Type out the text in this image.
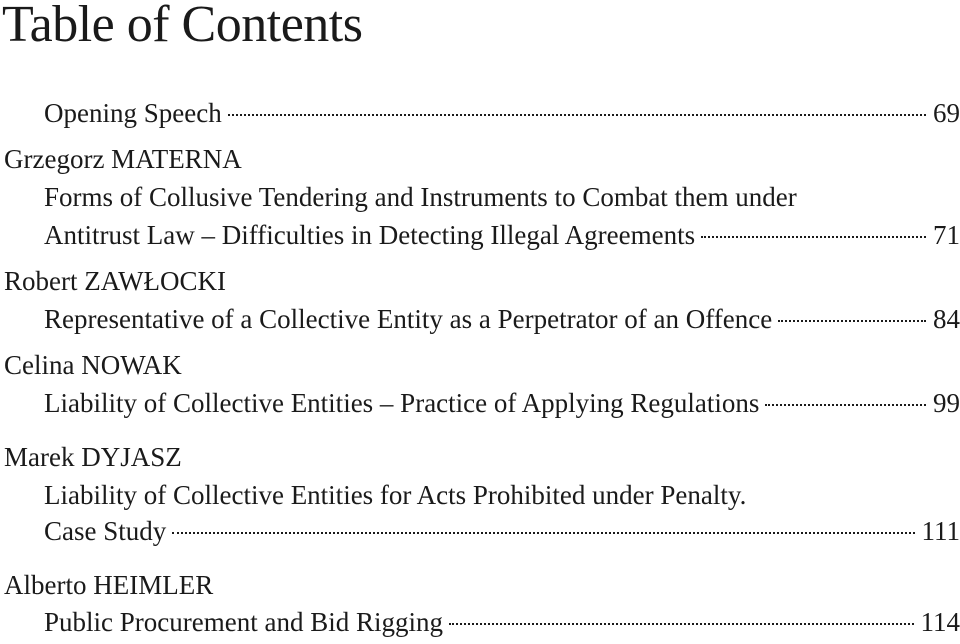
Table of Contents
Opening Speech	69
Grzegorz MATERNA
Forms of Collusive Tendering and Instruments to Combat them under
Antitrust Law – Difficulties in Detecting Illegal Agreements	71
Robert ZAWŁOCKI
Representative of a Collective Entity as a Perpetrator of an Offence	84
Celina NOWAK
Liability of Collective Entities – Practice of Applying Regulations	99
Marek DYJASZ
Liability of Collective Entities for Acts Prohibited under Penalty.
Case Study	111
Alberto HEIMLER
Public Procurement and Bid Rigging	114
